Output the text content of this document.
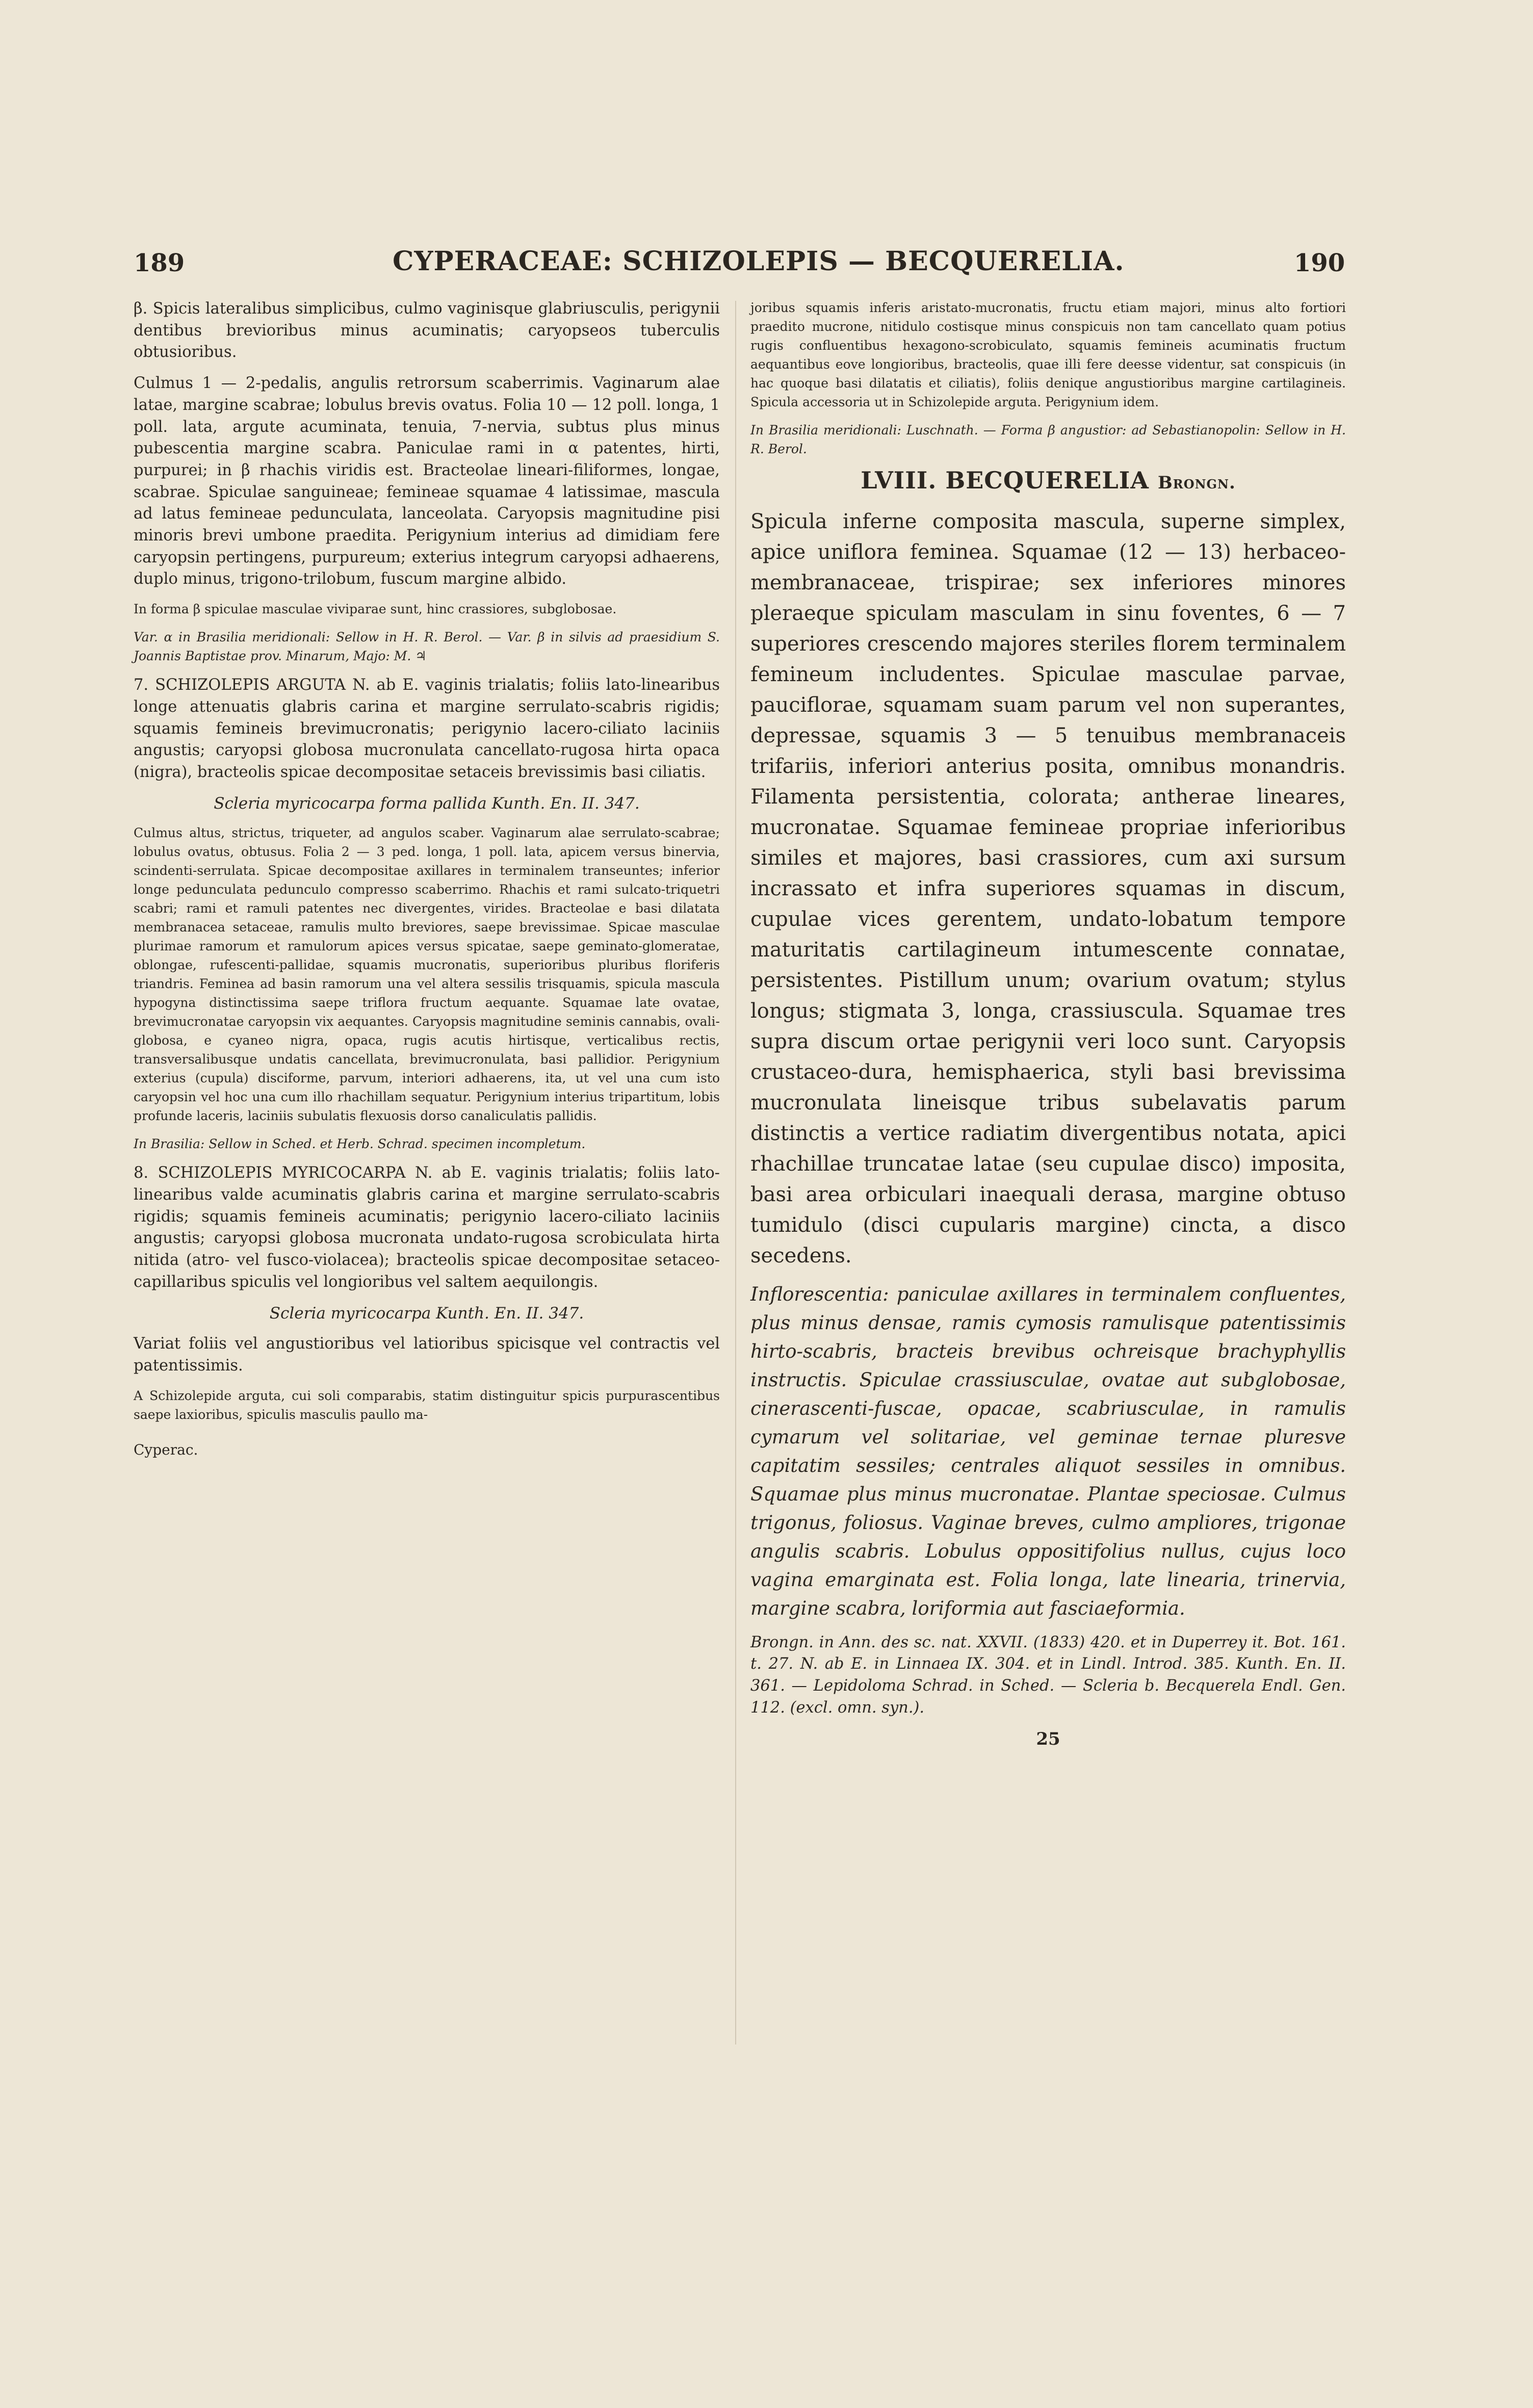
189	CYPERACEAE: SCHIZOLEPIS — BECQUERELIA.	190

β. Spicis lateralibus simplicibus, culmo vaginisque glabriusculis, perigynii dentibus brevioribus minus acuminatis; caryopseos tuberculis obtusioribus.

Culmus 1 — 2-pedalis, angulis retrorsum scaberrimis. Vaginarum alae latae, margine scabrae; lobulus brevis ovatus. Folia 10 — 12 poll. longa, 1 poll. lata, argute acuminata, tenuia, 7-nervia, subtus plus minus pubescentia margine scabra. Paniculae rami in α patentes, hirti, purpurei; in β rhachis viridis est. Bracteolae lineari-filiformes, longae, scabrae. Spiculae sanguineae; femineae squamae 4 latissimae, mascula ad latus femineae pedunculata, lanceolata. Caryopsis magnitudine pisi minoris brevi umbone praedita. Perigynium interius ad dimidiam fere caryopsin pertingens, purpureum; exterius integrum caryopsi adhaerens, duplo minus, trigono-trilobum, fuscum margine albido.

In forma β spiculae masculae viviparae sunt, hinc crassiores, subglobosae.

Var. α in Brasilia meridionali: Sellow in H. R. Berol. — Var. β in silvis ad praesidium S. Joannis Baptistae prov. Minarum, Majo: M. ♃

7. SCHIZOLEPIS ARGUTA N. ab E. vaginis trialatis; foliis lato-linearibus longe attenuatis glabris carina et margine serrulato-scabris rigidis; squamis femineis brevimucronatis; perigynio lacero-ciliato laciniis angustis; caryopsi globosa mucronulata cancellato-rugosa hirta opaca (nigra), bracteolis spicae decompositae setaceis brevissimis basi ciliatis.

Scleria myricocarpa forma pallida Kunth. En. II. 347.

Culmus altus, strictus, triqueter, ad angulos scaber. Vaginarum alae serrulato-scabrae; lobulus ovatus, obtusus. Folia 2 — 3 ped. longa, 1 poll. lata, apicem versus binervia, scindenti-serrulata. Spicae decompositae axillares in terminalem transeuntes; inferior longe pedunculata pedunculo compresso scaberrimo. Rhachis et rami sulcato-triquetri scabri; rami et ramuli patentes nec divergentes, virides. Bracteolae e basi dilatata membranacea setaceae, ramulis multo breviores, saepe brevissimae. Spicae masculae plurimae ramorum et ramulorum apices versus spicatae, saepe geminato-glomeratae, oblongae, rufescenti-pallidae, squamis mucronatis, superioribus pluribus floriferis triandris. Feminea ad basin ramorum una vel altera sessilis trisquamis, spicula mascula hypogyna distinctissima saepe triflora fructum aequante. Squamae late ovatae, brevimucronatae caryopsin vix aequantes. Caryopsis magnitudine seminis cannabis, ovali-globosa, e cyaneo nigra, opaca, rugis acutis hirtisque, verticalibus rectis, transversalibusque undatis cancellata, brevimucronulata, basi pallidior. Perigynium exterius (cupula) disciforme, parvum, interiori adhaerens, ita, ut vel una cum isto caryopsin vel hoc una cum illo rhachillam sequatur. Perigynium interius tripartitum, lobis profunde laceris, laciniis subulatis flexuosis dorso canaliculatis pallidis.

In Brasilia: Sellow in Sched. et Herb. Schrad. specimen incompletum.

8. SCHIZOLEPIS MYRICOCARPA N. ab E. vaginis trialatis; foliis lato-linearibus valde acuminatis glabris carina et margine serrulato-scabris rigidis; squamis femineis acuminatis; perigynio lacero-ciliato laciniis angustis; caryopsi globosa mucronata undato-rugosa scrobiculata hirta nitida (atro- vel fusco-violacea); bracteolis spicae decompositae setaceo-capillaribus spiculis vel longioribus vel saltem aequilongis.

Scleria myricocarpa Kunth. En. II. 347.

Variat foliis vel angustioribus vel latioribus spicisque vel contractis vel patentissimis.

A Schizolepide arguta, cui soli comparabis, statim distinguitur spicis purpurascentibus saepe laxioribus, spiculis masculis paullo ma-

Cyperac.

joribus squamis inferis aristato-mucronatis, fructu etiam majori, minus alto fortiori praedito mucrone, nitidulo costisque minus conspicuis non tam cancellato quam potius rugis confluentibus hexagono-scrobiculato, squamis femineis acuminatis fructum aequantibus eove longioribus, bracteolis, quae illi fere deesse videntur, sat conspicuis (in hac quoque basi dilatatis et ciliatis), foliis denique angustioribus margine cartilagineis. Spicula accessoria ut in Schizolepide arguta. Perigynium idem.

In Brasilia meridionali: Luschnath. — Forma β angustior: ad Sebastianopolin: Sellow in H. R. Berol.

LVIII. BECQUERELIA Brongn.

Spicula inferne composita mascula, superne simplex, apice uniflora feminea. Squamae (12 — 13) herbaceo-membranaceae, trispirae; sex inferiores minores pleraeque spiculam masculam in sinu foventes, 6 — 7 superiores crescendo majores steriles florem terminalem femineum includentes. Spiculae masculae parvae, pauciflorae, squamam suam parum vel non superantes, depressae, squamis 3 — 5 tenuibus membranaceis trifariis, inferiori anterius posita, omnibus monandris. Filamenta persistentia, colorata; antherae lineares, mucronatae. Squamae femineae propriae inferioribus similes et majores, basi crassiores, cum axi sursum incrassato et infra superiores squamas in discum, cupulae vices gerentem, undato-lobatum tempore maturitatis cartilagineum intumescente connatae, persistentes. Pistillum unum; ovarium ovatum; stylus longus; stigmata 3, longa, crassiuscula. Squamae tres supra discum ortae perigynii veri loco sunt. Caryopsis crustaceo-dura, hemisphaerica, styli basi brevissima mucronulata lineisque tribus subelavatis parum distinctis a vertice radiatim divergentibus notata, apici rhachillae truncatae latae (seu cupulae disco) imposita, basi area orbiculari inaequali derasa, margine obtuso tumidulo (disci cupularis margine) cincta, a disco secedens.

Inflorescentia: paniculae axillares in terminalem confluentes, plus minus densae, ramis cymosis ramulisque patentissimis hirto-scabris, bracteis brevibus ochreisque brachyphyllis instructis. Spiculae crassiusculae, ovatae aut subglobosae, cinerascenti-fuscae, opacae, scabriusculae, in ramulis cymarum vel solitariae, vel geminae ternae pluresve capitatim sessiles; centrales aliquot sessiles in omnibus. Squamae plus minus mucronatae. Plantae speciosae. Culmus trigonus, foliosus. Vaginae breves, culmo ampliores, trigonae angulis scabris. Lobulus oppositifolius nullus, cujus loco vagina emarginata est. Folia longa, late linearia, trinervia, margine scabra, loriformia aut fasciaeformia.

Brongn. in Ann. des sc. nat. XXVII. (1833) 420. et in Duperrey it. Bot. 161. t. 27. N. ab E. in Linnaea IX. 304. et in Lindl. Introd. 385. Kunth. En. II. 361. — Lepidoloma Schrad. in Sched. — Scleria b. Becquerela Endl. Gen. 112. (excl. omn. syn.).

25
